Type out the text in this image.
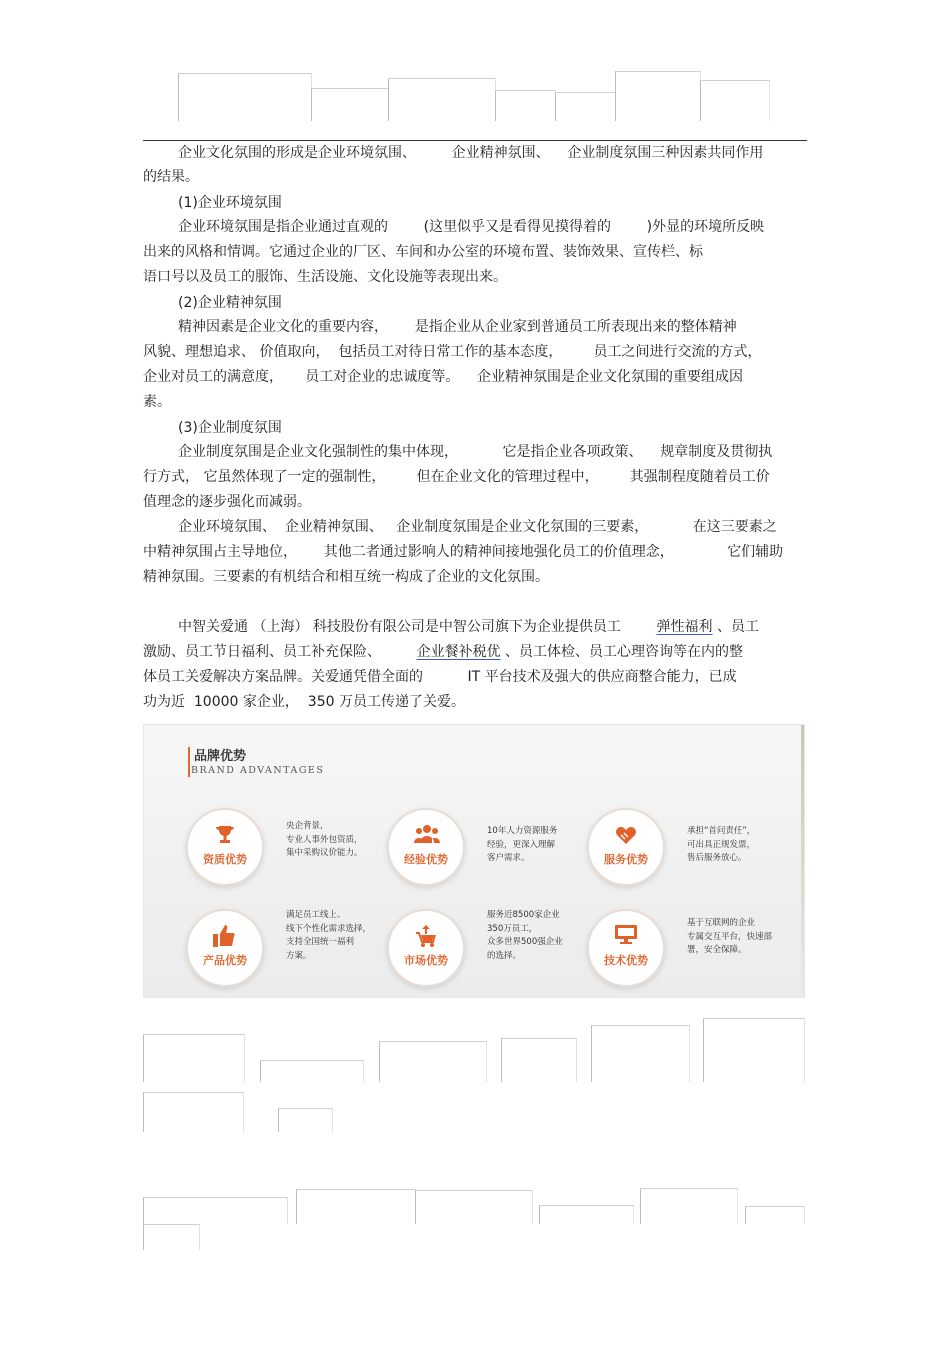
企业文化氛围的形成是企业环境氛围、        企业精神氛围、    企业制度氛围三种因素共同作用
的结果。
(1)企业环境氛围
企业环境氛围是指企业通过直观的        (这里似乎又是看得见摸得着的        )外显的环境所反映
出来的风格和情调。它通过企业的厂区、车间和办公室的环境布置、装饰效果、宣传栏、标
语口号以及员工的服饰、生活设施、文化设施等表现出来。
(2)企业精神氛围
精神因素是企业文化的重要内容，      是指企业从企业家到普通员工所表现出来的整体精神
风貌、理想追求、 价值取向，  包括员工对待日常工作的基本态度，       员工之间进行交流的方式，
企业对员工的满意度，     员工对企业的忠诚度等。    企业精神氛围是企业文化氛围的重要组成因
素。
(3)企业制度氛围
企业制度氛围是企业文化强制性的集中体现，          它是指企业各项政策、    规章制度及贯彻执
行方式， 它虽然体现了一定的强制性，       但在企业文化的管理过程中，       其强制程度随着员工价
值理念的逐步强化而减弱。
企业环境氛围、  企业精神氛围、   企业制度氛围是企业文化氛围的三要素，          在这三要素之
中精神氛围占主导地位，      其他二者通过影响人的精神间接地强化员工的价值理念，            它们辅助
精神氛围。三要素的有机结合和相互统一构成了企业的文化氛围。
中智关爱通 （上海） 科技股份有限公司是中智公司旗下为企业提供员工        弹性福利 、员工
激励、员工节日福利、员工补充保险、        企业餐补税优 、员工体检、员工心理咨询等在内的整
体员工关爱解决方案品牌。关爱通凭借全面的          IT 平台技术及强大的供应商整合能力，已成
功为近  10000 家企业，  350 万员工传递了关爱。
品牌优势
BRAND ADVANTAGES
资质优势
央企背景，
专业人事外包资质，
集中采购议价能力。	经验优势
10年人力资源服务
经验，更深入理解
客户需求。	服务优势
承担“首问责任”，
可出具正规发票，
售后服务放心。
产品优势
满足员工线上、
线下个性化需求选择，
支持全国统一福利
方案。	市场优势
服务近8500家企业
350万员工，
众多世界500强企业
的选择。	技术优势
基于互联网的企业
专属交互平台，快速部
署，安全保障。
